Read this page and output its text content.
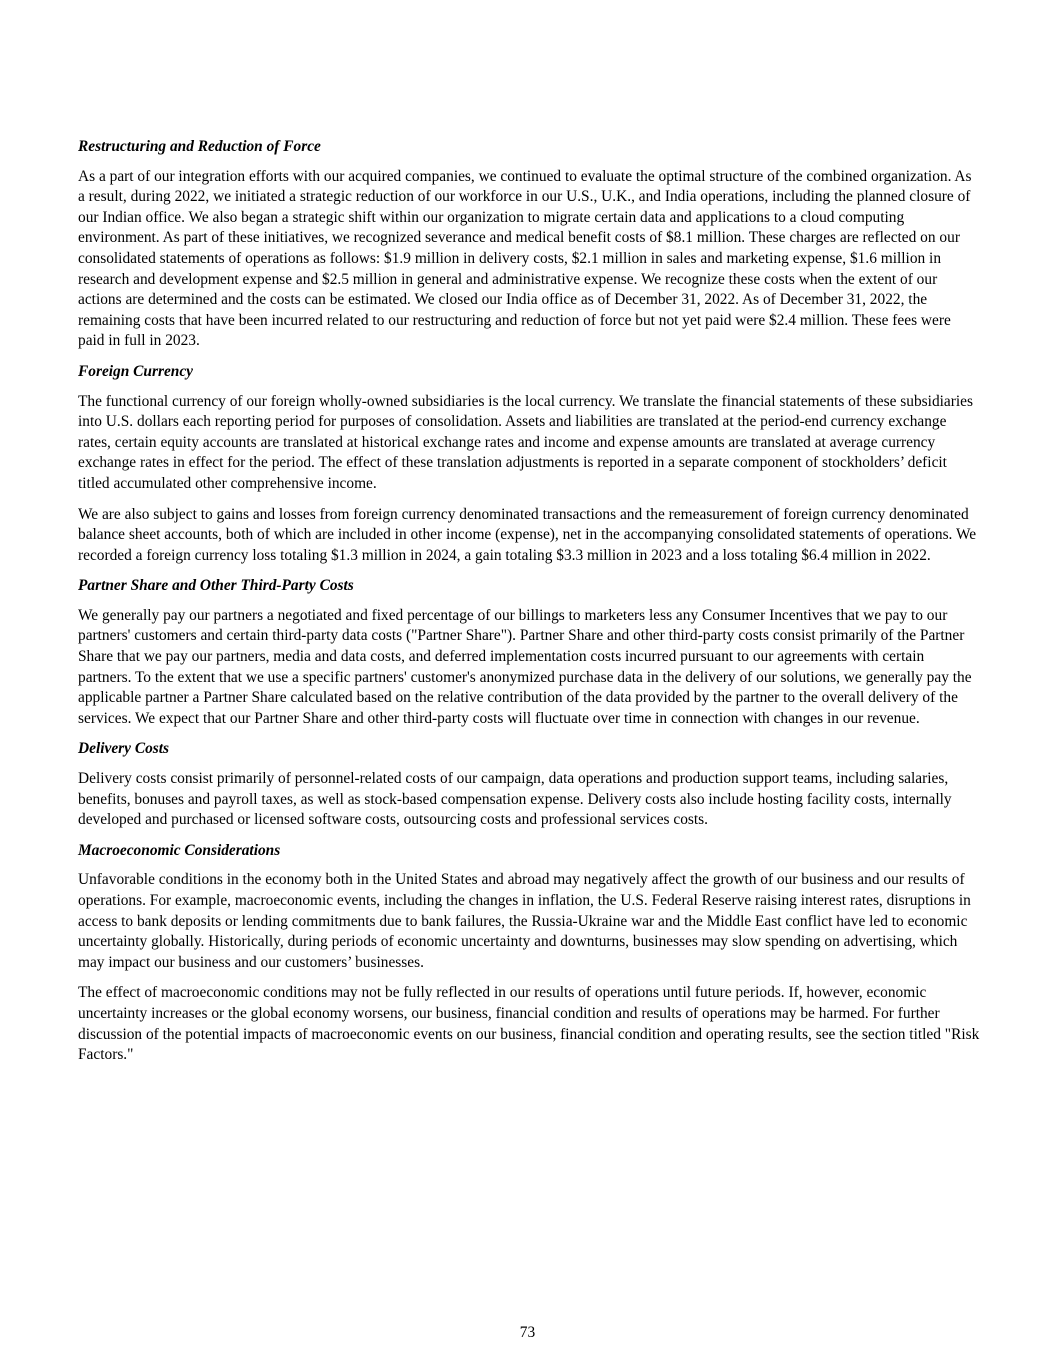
Restructuring and Reduction of Force

As a part of our integration efforts with our acquired companies, we continued to evaluate the optimal structure of the combined organization. As a result, during 2022, we initiated a strategic reduction of our workforce in our U.S., U.K., and India operations, including the planned closure of our Indian office. We also began a strategic shift within our organization to migrate certain data and applications to a cloud computing environment. As part of these initiatives, we recognized severance and medical benefit costs of $8.1 million. These charges are reflected on our consolidated statements of operations as follows: $1.9 million in delivery costs, $2.1 million in sales and marketing expense, $1.6 million in research and development expense and $2.5 million in general and administrative expense. We recognize these costs when the extent of our actions are determined and the costs can be estimated. We closed our India office as of December 31, 2022. As of December 31, 2022, the remaining costs that have been incurred related to our restructuring and reduction of force but not yet paid were $2.4 million. These fees were paid in full in 2023.

Foreign Currency

The functional currency of our foreign wholly-owned subsidiaries is the local currency. We translate the financial statements of these subsidiaries into U.S. dollars each reporting period for purposes of consolidation. Assets and liabilities are translated at the period-end currency exchange rates, certain equity accounts are translated at historical exchange rates and income and expense amounts are translated at average currency exchange rates in effect for the period. The effect of these translation adjustments is reported in a separate component of stockholders’ deficit titled accumulated other comprehensive income.

We are also subject to gains and losses from foreign currency denominated transactions and the remeasurement of foreign currency denominated balance sheet accounts, both of which are included in other income (expense), net in the accompanying consolidated statements of operations. We recorded a foreign currency loss totaling $1.3 million in 2024, a gain totaling $3.3 million in 2023 and a loss totaling $6.4 million in 2022.

Partner Share and Other Third-Party Costs

We generally pay our partners a negotiated and fixed percentage of our billings to marketers less any Consumer Incentives that we pay to our partners' customers and certain third-party data costs ("Partner Share"). Partner Share and other third-party costs consist primarily of the Partner Share that we pay our partners, media and data costs, and deferred implementation costs incurred pursuant to our agreements with certain partners. To the extent that we use a specific partners' customer's anonymized purchase data in the delivery of our solutions, we generally pay the applicable partner a Partner Share calculated based on the relative contribution of the data provided by the partner to the overall delivery of the services. We expect that our Partner Share and other third-party costs will fluctuate over time in connection with changes in our revenue.

Delivery Costs

Delivery costs consist primarily of personnel-related costs of our campaign, data operations and production support teams, including salaries, benefits, bonuses and payroll taxes, as well as stock-based compensation expense. Delivery costs also include hosting facility costs, internally developed and purchased or licensed software costs, outsourcing costs and professional services costs.

Macroeconomic Considerations

Unfavorable conditions in the economy both in the United States and abroad may negatively affect the growth of our business and our results of operations. For example, macroeconomic events, including the changes in inflation, the U.S. Federal Reserve raising interest rates, disruptions in access to bank deposits or lending commitments due to bank failures, the Russia-Ukraine war and the Middle East conflict have led to economic uncertainty globally. Historically, during periods of economic uncertainty and downturns, businesses may slow spending on advertising, which may impact our business and our customers’ businesses.

The effect of macroeconomic conditions may not be fully reflected in our results of operations until future periods. If, however, economic uncertainty increases or the global economy worsens, our business, financial condition and results of operations may be harmed. For further discussion of the potential impacts of macroeconomic events on our business, financial condition and operating results, see the section titled "Risk Factors."

73
